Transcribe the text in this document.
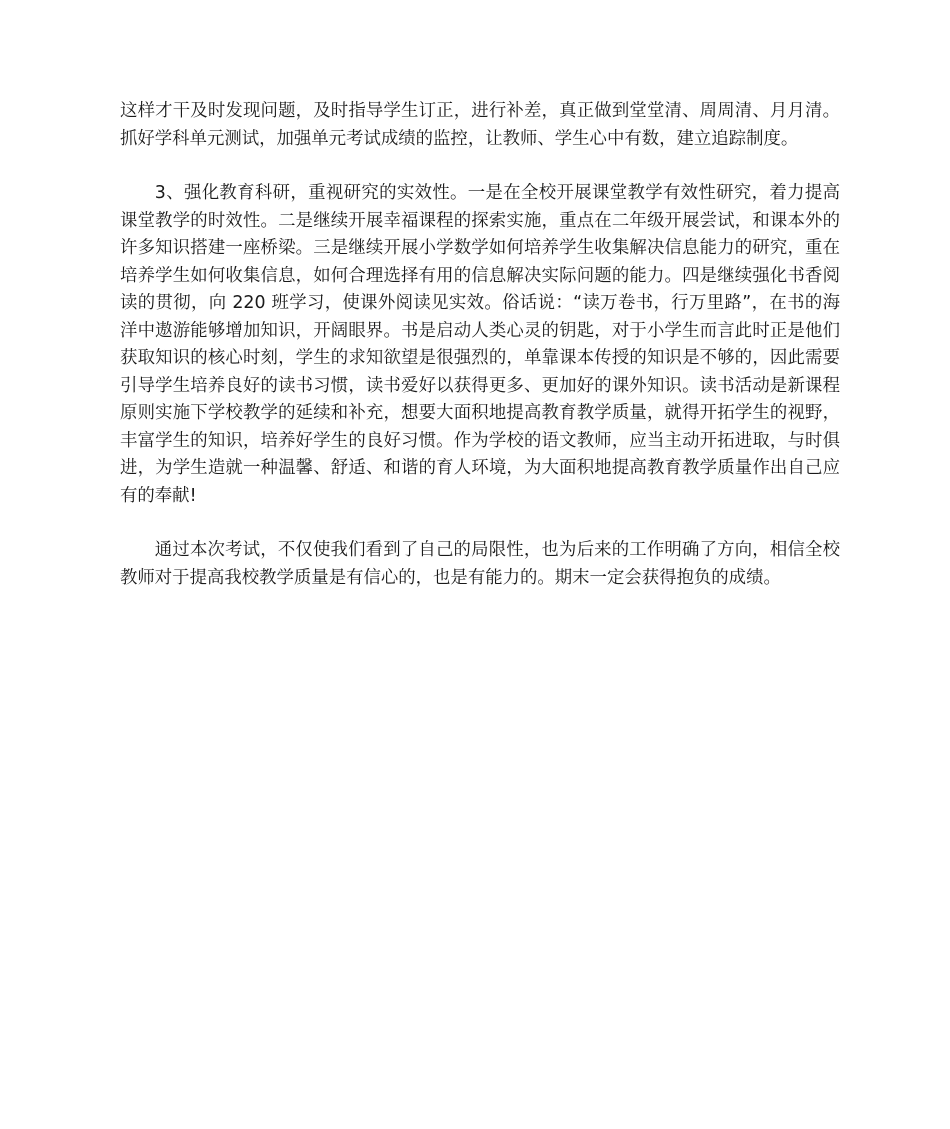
这样才干及时发现问题，及时指导学生订正，进行补差，真正做到堂堂清、周周清、月月清。抓好学科单元测试，加强单元考试成绩的监控，让教师、学生心中有数，建立追踪制度。

3、强化教育科研，重视研究的实效性。一是在全校开展课堂教学有效性研究，着力提高课堂教学的时效性。二是继续开展幸福课程的探索实施，重点在二年级开展尝试，和课本外的许多知识搭建一座桥梁。三是继续开展小学数学如何培养学生收集解决信息能力的研究，重在培养学生如何收集信息，如何合理选择有用的信息解决实际问题的能力。四是继续强化书香阅读的贯彻，向 220 班学习，使课外阅读见实效。俗话说：“读万卷书，行万里路”，在书的海洋中遨游能够增加知识，开阔眼界。书是启动人类心灵的钥匙，对于小学生而言此时正是他们获取知识的核心时刻，学生的求知欲望是很强烈的，单靠课本传授的知识是不够的，因此需要引导学生培养良好的读书习惯，读书爱好以获得更多、更加好的课外知识。读书活动是新课程原则实施下学校教学的延续和补充，想要大面积地提高教育教学质量，就得开拓学生的视野，丰富学生的知识，培养好学生的良好习惯。作为学校的语文教师，应当主动开拓进取，与时俱进，为学生造就一种温馨、舒适、和谐的育人环境，为大面积地提高教育教学质量作出自己应有的奉献!

通过本次考试，不仅使我们看到了自己的局限性，也为后来的工作明确了方向，相信全校教师对于提高我校教学质量是有信心的，也是有能力的。期末一定会获得抱负的成绩。
